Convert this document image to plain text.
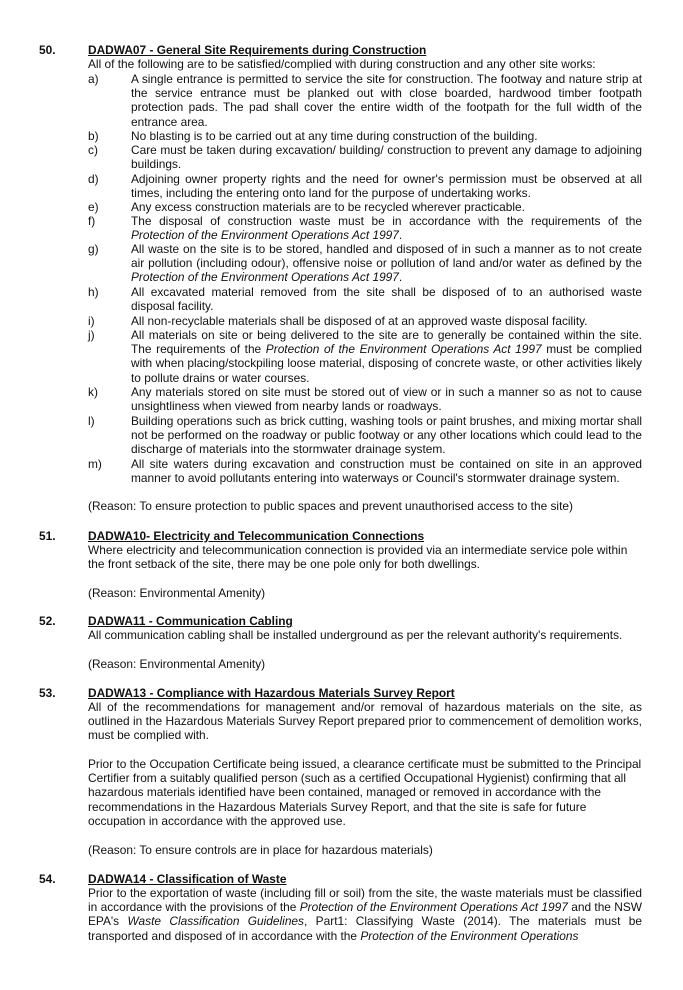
50.	DADWA07 - General Site Requirements during Construction
All of the following are to be satisfied/complied with during construction and any other site works:
a)	A single entrance is permitted to service the site for construction. The footway and nature strip at the service entrance must be planked out with close boarded, hardwood timber footpath protection pads. The pad shall cover the entire width of the footpath for the full width of the entrance area.
b)	No blasting is to be carried out at any time during construction of the building.
c)	Care must be taken during excavation/ building/ construction to prevent any damage to adjoining buildings.
d)	Adjoining owner property rights and the need for owner's permission must be observed at all times, including the entering onto land for the purpose of undertaking works.
e)	Any excess construction materials are to be recycled wherever practicable.
f)	The disposal of construction waste must be in accordance with the requirements of the Protection of the Environment Operations Act 1997.
g)	All waste on the site is to be stored, handled and disposed of in such a manner as to not create air pollution (including odour), offensive noise or pollution of land and/or water as defined by the Protection of the Environment Operations Act 1997.
h)	All excavated material removed from the site shall be disposed of to an authorised waste disposal facility.
i)	All non-recyclable materials shall be disposed of at an approved waste disposal facility.
j)	All materials on site or being delivered to the site are to generally be contained within the site. The requirements of the Protection of the Environment Operations Act 1997 must be complied with when placing/stockpiling loose material, disposing of concrete waste, or other activities likely to pollute drains or water courses.
k)	Any materials stored on site must be stored out of view or in such a manner so as not to cause unsightliness when viewed from nearby lands or roadways.
l)	Building operations such as brick cutting, washing tools or paint brushes, and mixing mortar shall not be performed on the roadway or public footway or any other locations which could lead to the discharge of materials into the stormwater drainage system.
m) All site waters during excavation and construction must be contained on site in an approved manner to avoid pollutants entering into waterways or Council's stormwater drainage system.
(Reason: To ensure protection to public spaces and prevent unauthorised access to the site)
51.	DADWA10- Electricity and Telecommunication Connections
Where electricity and telecommunication connection is provided via an intermediate service pole within the front setback of the site, there may be one pole only for both dwellings.
(Reason: Environmental Amenity)
52.	DADWA11 - Communication Cabling
All communication cabling shall be installed underground as per the relevant authority's requirements.
(Reason: Environmental Amenity)
53.	DADWA13 - Compliance with Hazardous Materials Survey Report
All of the recommendations for management and/or removal of hazardous materials on the site, as outlined in the Hazardous Materials Survey Report prepared prior to commencement of demolition works, must be complied with.
Prior to the Occupation Certificate being issued, a clearance certificate must be submitted to the Principal Certifier from a suitably qualified person (such as a certified Occupational Hygienist) confirming that all hazardous materials identified have been contained, managed or removed in accordance with the recommendations in the Hazardous Materials Survey Report, and that the site is safe for future occupation in accordance with the approved use.
(Reason: To ensure controls are in place for hazardous materials)
54.	DADWA14 - Classification of Waste
Prior to the exportation of waste (including fill or soil) from the site, the waste materials must be classified in accordance with the provisions of the Protection of the Environment Operations Act 1997 and the NSW EPA's Waste Classification Guidelines, Part1: Classifying Waste (2014). The materials must be transported and disposed of in accordance with the Protection of the Environment Operations
